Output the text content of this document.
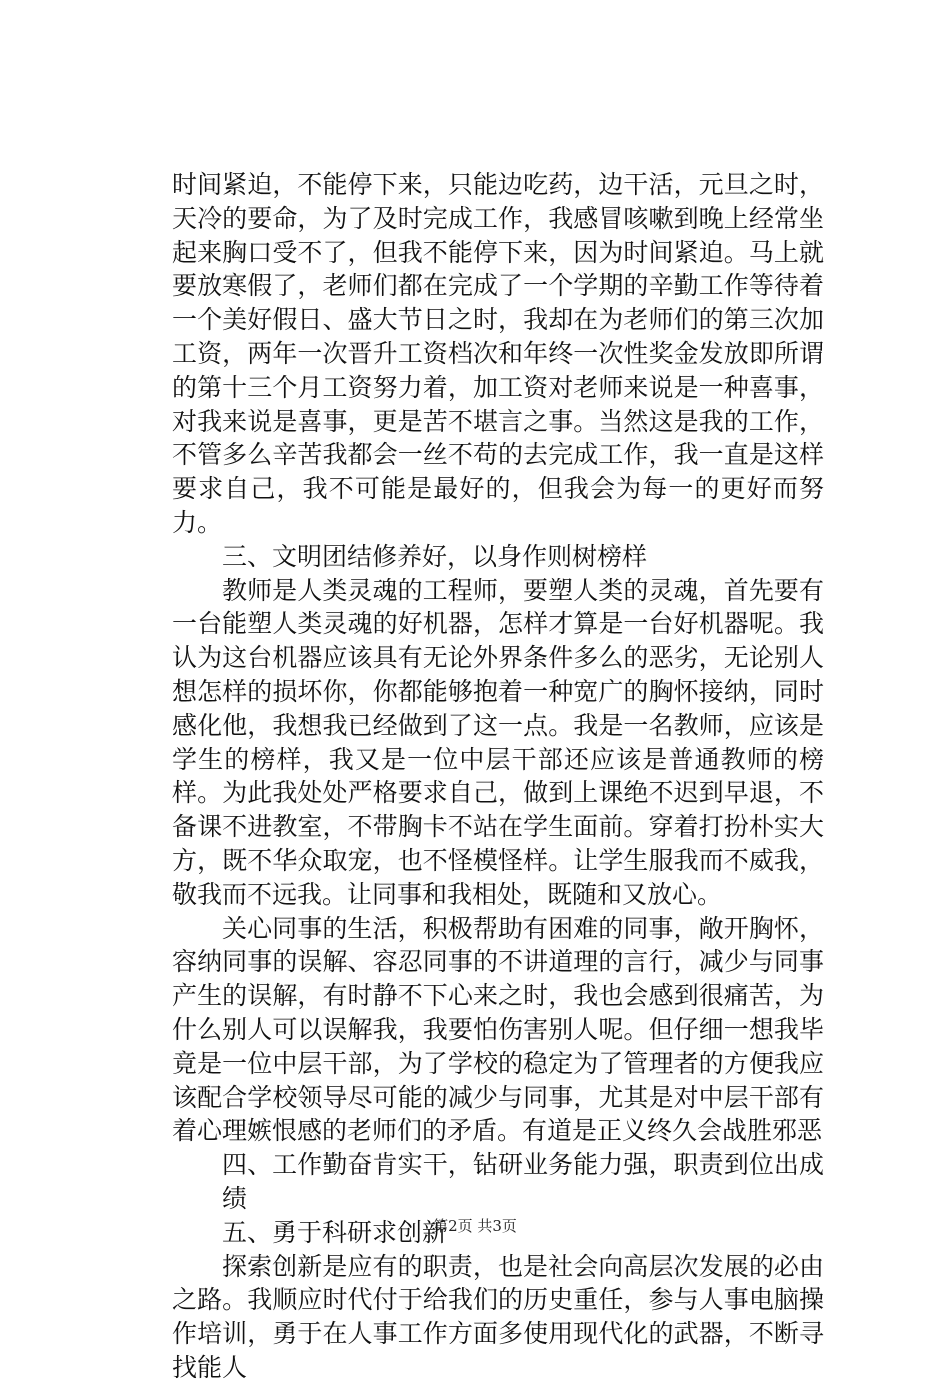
时间紧迫，不能停下来，只能边吃药，边干活，元旦之时，天冷的要命，为了及时完成工作，我感冒咳嗽到晚上经常坐起来胸口受不了，但我不能停下来，因为时间紧迫。马上就要放寒假了，老师们都在完成了一个学期的辛勤工作等待着一个美好假日、盛大节日之时，我却在为老师们的第三次加工资，两年一次晋升工资档次和年终一次性奖金发放即所谓的第十三个月工资努力着，加工资对老师来说是一种喜事，对我来说是喜事，更是苦不堪言之事。当然这是我的工作，不管多么辛苦我都会一丝不苟的去完成工作，我一直是这样要求自己，我不可能是最好的，但我会为每一的更好而努力。

三、文明团结修养好，以身作则树榜样

教师是人类灵魂的工程师，要塑人类的灵魂，首先要有一台能塑人类灵魂的好机器，怎样才算是一台好机器呢。我认为这台机器应该具有无论外界条件多么的恶劣，无论别人想怎样的损坏你，你都能够抱着一种宽广的胸怀接纳，同时感化他，我想我已经做到了这一点。我是一名教师，应该是学生的榜样，我又是一位中层干部还应该是普通教师的榜样。为此我处处严格要求自己，做到上课绝不迟到早退，不备课不进教室，不带胸卡不站在学生面前。穿着打扮朴实大方，既不华众取宠，也不怪模怪样。让学生服我而不威我，敬我而不远我。让同事和我相处，既随和又放心。

关心同事的生活，积极帮助有困难的同事，敞开胸怀，容纳同事的误解、容忍同事的不讲道理的言行，减少与同事产生的误解，有时静不下心来之时，我也会感到很痛苦，为什么别人可以误解我，我要怕伤害别人呢。但仔细一想我毕竟是一位中层干部，为了学校的稳定为了管理者的方便我应该配合学校领导尽可能的减少与同事，尤其是对中层干部有着心理嫉恨感的老师们的矛盾。有道是正义终久会战胜邪恶

四、工作勤奋肯实干，钻研业务能力强，职责到位出成绩

五、勇于科研求创新

探索创新是应有的职责，也是社会向高层次发展的必由之路。我顺应时代付于给我们的历史重任，参与人事电脑操作培训，勇于在人事工作方面多使用现代化的武器，不断寻找能人

第2页 共3页
